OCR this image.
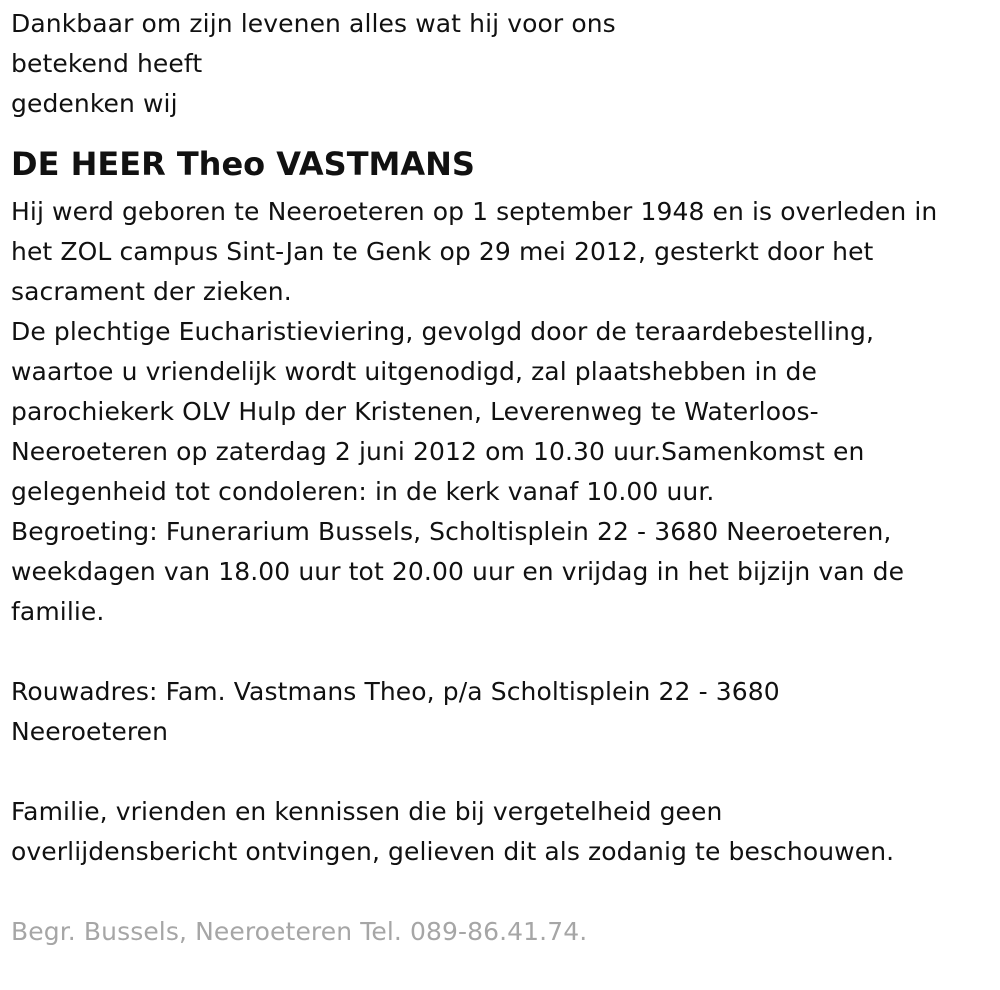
Dankbaar om zijn levenen alles wat hij voor ons
betekend heeft
gedenken wij
DE HEER Theo VASTMANS
Hij werd geboren te Neeroeteren op 1 september 1948 en is overleden in
het ZOL campus Sint-Jan te Genk op 29 mei 2012, gesterkt door het
sacrament der zieken.
De plechtige Eucharistieviering, gevolgd door de teraardebestelling,
waartoe u vriendelijk wordt uitgenodigd, zal plaatshebben in de
parochiekerk OLV Hulp der Kristenen, Leverenweg te Waterloos-
Neeroeteren op zaterdag 2 juni 2012 om 10.30 uur.Samenkomst en
gelegenheid tot condoleren: in de kerk vanaf 10.00 uur.
Begroeting: Funerarium Bussels, Scholtisplein 22 - 3680 Neeroeteren,
weekdagen van 18.00 uur tot 20.00 uur en vrijdag in het bijzijn van de
familie.
Rouwadres: Fam. Vastmans Theo, p/a Scholtisplein 22 - 3680
Neeroeteren
Familie, vrienden en kennissen die bij vergetelheid geen
overlijdensbericht ontvingen, gelieven dit als zodanig te beschouwen.
Begr. Bussels, Neeroeteren Tel. 089-86.41.74.
